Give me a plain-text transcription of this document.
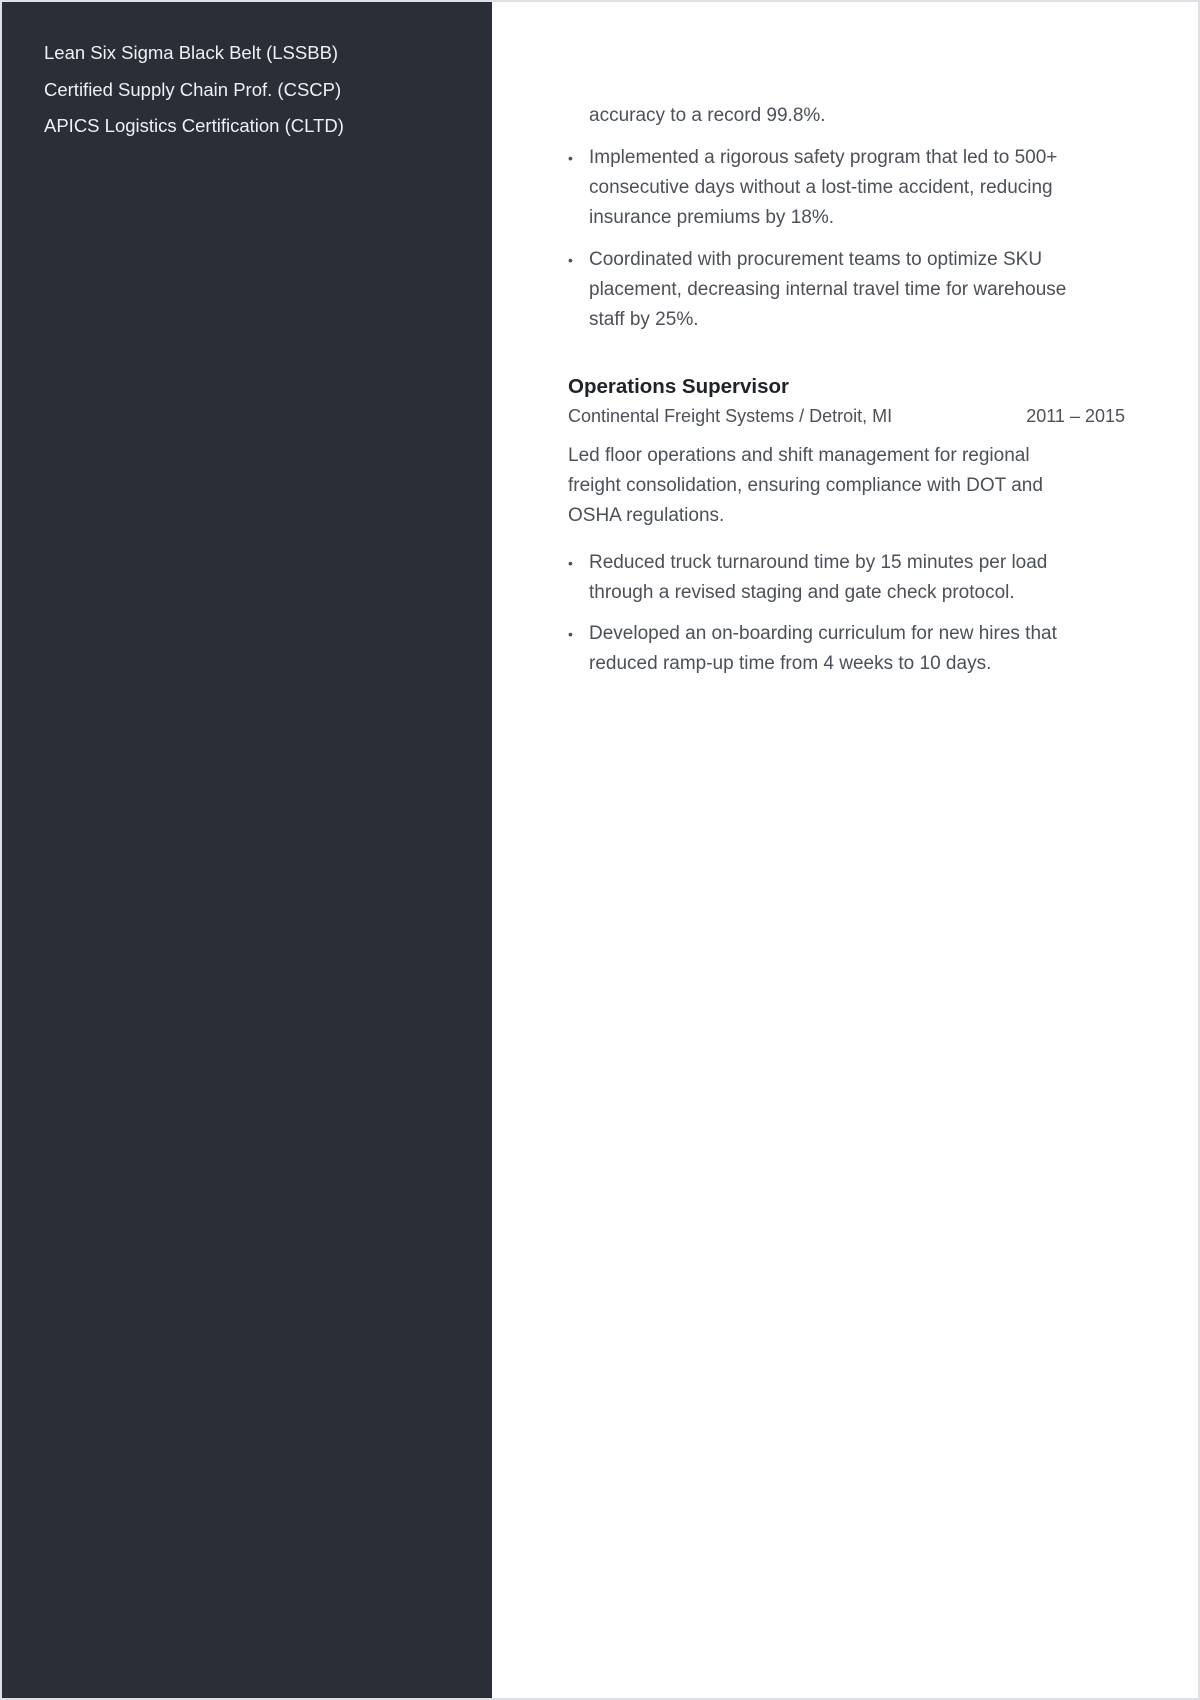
Lean Six Sigma Black Belt (LSSBB)
Certified Supply Chain Prof. (CSCP)
APICS Logistics Certification (CLTD)	accuracy to a record 99.8%.
• Implemented a rigorous safety program that led to 500+
consecutive days without a lost-time accident, reducing
insurance premiums by 18%.
• Coordinated with procurement teams to optimize SKU
placement, decreasing internal travel time for warehouse
staff by 25%.
Operations Supervisor
Continental Freight Systems / Detroit, MI	2011 – 2015
Led floor operations and shift management for regional
freight consolidation, ensuring compliance with DOT and
OSHA regulations.
• Reduced truck turnaround time by 15 minutes per load
through a revised staging and gate check protocol.
• Developed an on-boarding curriculum for new hires that
reduced ramp-up time from 4 weeks to 10 days.
